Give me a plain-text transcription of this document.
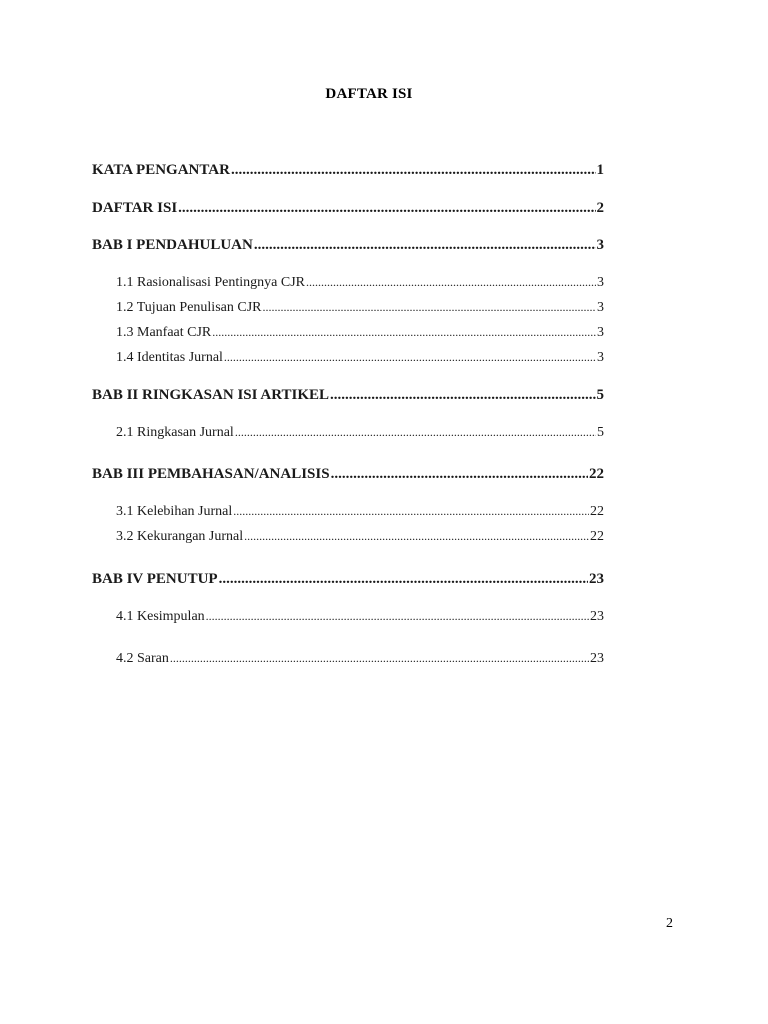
DAFTAR ISI
KATA PENGANTAR .....	1
DAFTAR ISI .....	2
BAB I PENDAHULUAN .....	3
1.1 Rasionalisasi Pentingnya CJR .....	3
1.2 Tujuan Penulisan CJR .....	3
1.3 Manfaat CJR .....	3
1.4 Identitas Jurnal .....	3
BAB II RINGKASAN ISI ARTIKEL .....	5
2.1 Ringkasan Jurnal .....	5
BAB III PEMBAHASAN/ANALISIS .....	22
3.1 Kelebihan Jurnal .....	22
3.2 Kekurangan Jurnal .....	22
BAB IV PENUTUP .....	23
4.1 Kesimpulan .....	23
4.2 Saran .....	23
2
